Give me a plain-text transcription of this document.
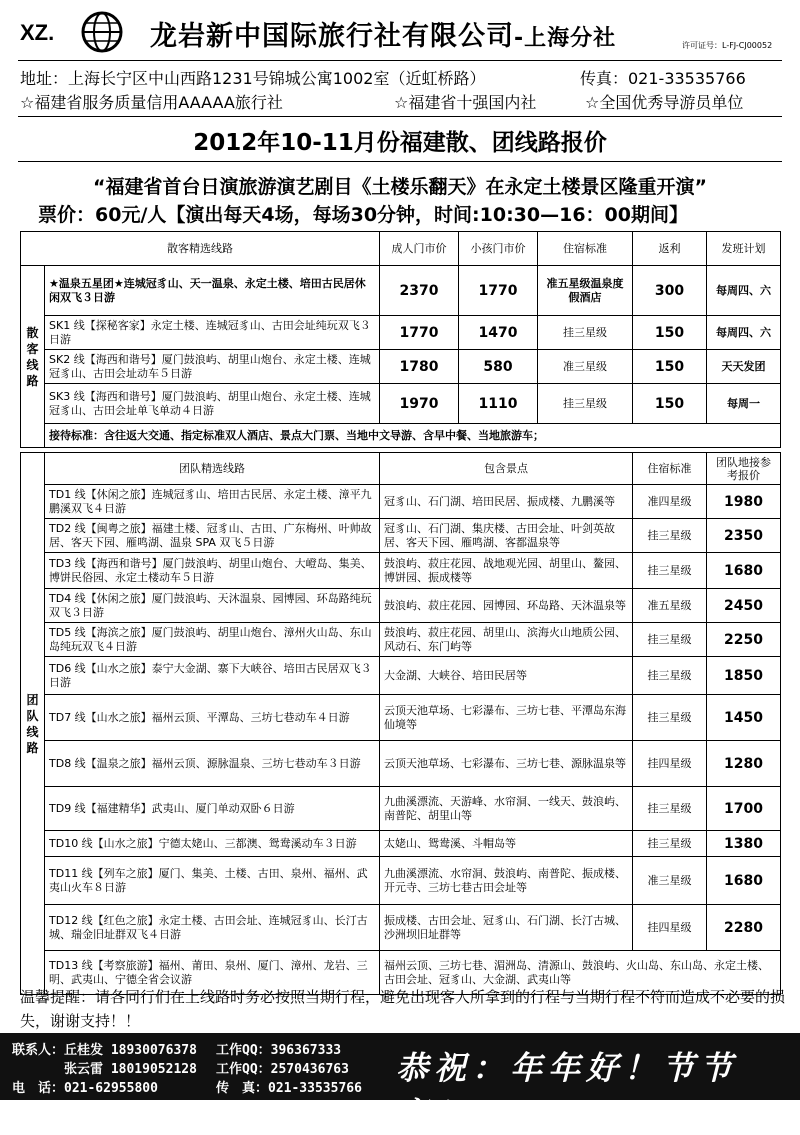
XZ.	龙岩新中国际旅行社有限公司-上海分社	许可证号：L-FJ-CJ00052
地址：上海长宁区中山西路1231号锦城公寓1002室（近虹桥路）	传真：021-33535766
☆福建省服务质量信用AAAAA旅行社	☆福建省十强国内社	☆全国优秀导游员单位
2012年10-11月份福建散、团线路报价
“福建省首台日演旅游演艺剧目《土楼乐翻天》在永定土楼景区隆重开演”
票价：60元/人【演出每天4场，每场30分钟，时间:10:30—16：00期间】
散客精选线路		成人门市价	小孩门市价	住宿标准	返利	发班计划

散客线路	★温泉五星团★连城冠豸山、天一温泉、永定土楼、培田古民居休闲双飞３日游	2370	1770	准五星级温泉度假酒店	300	每周四、六
	SK1 线【探秘客家】永定土楼、连城冠豸山、古田会址纯玩双飞３日游	1770	1470	挂三星级	150	每周四、六
	SK2 线【海西和谐号】厦门鼓浪屿、胡里山炮台、永定土楼、连城冠豸山、古田会址动车５日游	1780	580	准三星级	150	天天发团
	SK3 线【海西和谐号】厦门鼓浪屿、胡里山炮台、永定土楼、连城冠豸山、古田会址单飞单动４日游	1970	1110	挂三星级	150	每周一
	接待标准：含往返大交通、指定标准双人酒店、景点大门票、当地中文导游、含早中餐、当地旅游车；					
团队线路	团队精选线路	包含景点	住宿标准	团队地接参考报价
	TD1 线【休闲之旅】连城冠豸山、培田古民居、永定土楼、漳平九鹏溪双飞４日游	冠豸山、石门湖、培田民居、振成楼、九鹏溪等	准四星级	1980
	TD2 线【闽粤之旅】福建土楼、冠豸山、古田、广东梅州、叶帅故居、客天下园、雁鸣湖、温泉 SPA 双飞５日游	冠豸山、石门湖、集庆楼、古田会址、叶剑英故居、客天下园、雁鸣湖、客都温泉等	挂三星级	2350
	TD3 线【海西和谐号】厦门鼓浪屿、胡里山炮台、大嶝岛、集美、博饼民俗园、永定土楼动车５日游	鼓浪屿、菽庄花园、战地观光园、胡里山、鳌园、博饼园、振成楼等	挂三星级	1680
	TD4 线【休闲之旅】厦门鼓浪屿、天沐温泉、园博园、环岛路纯玩双飞３日游	鼓浪屿、菽庄花园、园博园、环岛路、天沐温泉等	准五星级	2450
	TD5 线【海滨之旅】厦门鼓浪屿、胡里山炮台、漳州火山岛、东山岛纯玩双飞４日游	鼓浪屿、菽庄花园、胡里山、滨海火山地质公园、风动石、东门屿等	挂三星级	2250
	TD6 线【山水之旅】泰宁大金湖、寨下大峡谷、培田古民居双飞３日游	大金湖、大峡谷、培田民居等	挂三星级	1850
	TD7 线【山水之旅】福州云顶、平潭岛、三坊七巷动车４日游	云顶天池草场、七彩瀑布、三坊七巷、平潭岛东海仙境等	挂三星级	1450
	TD8 线【温泉之旅】福州云顶、源脉温泉、三坊七巷动车３日游	云顶天池草场、七彩瀑布、三坊七巷、源脉温泉等	挂四星级	1280
	TD9 线【福建精华】武夷山、厦门单动双卧６日游	九曲溪漂流、天游峰、水帘洞、一线天、鼓浪屿、南普陀、胡里山等	挂三星级	1700
	TD10 线【山水之旅】宁德太姥山、三都澳、鸳鸯溪动车３日游	太姥山、鸳鸯溪、斗帽岛等	挂三星级	1380
	TD11 线【列车之旅】厦门、集美、土楼、古田、泉州、福州、武夷山火车８日游	九曲溪漂流、水帘洞、鼓浪屿、南普陀、振成楼、开元寺、三坊七巷古田会址等	准三星级	1680
	TD12 线【红色之旅】永定土楼、古田会址、连城冠豸山、长汀古城、瑞金旧址群双飞４日游	振成楼、古田会址、冠豸山、石门湖、长汀古城、沙洲坝旧址群等	挂四星级	2280
	TD13 线【考察旅游】福州、莆田、泉州、厦门、漳州、龙岩、三明、武夷山、宁德全省会议游	福州云顶、三坊七巷、湄洲岛、清源山、鼓浪屿、火山岛、东山岛、永定土楼、古田会址、冠豸山、大金湖、武夷山等		
温馨提醒：请各同行们在上线路时务必按照当期行程，避免出现客人所拿到的行程与当期行程不符而造成不必要的损失，谢谢支持！！
联系人：丘桂发 18930076378 工作QQ：396367333
张云雷 18019052128 工作QQ：2570436763
电　话：021-62955800	传　真：021-33535766
恭祝：年年好！节节高！
